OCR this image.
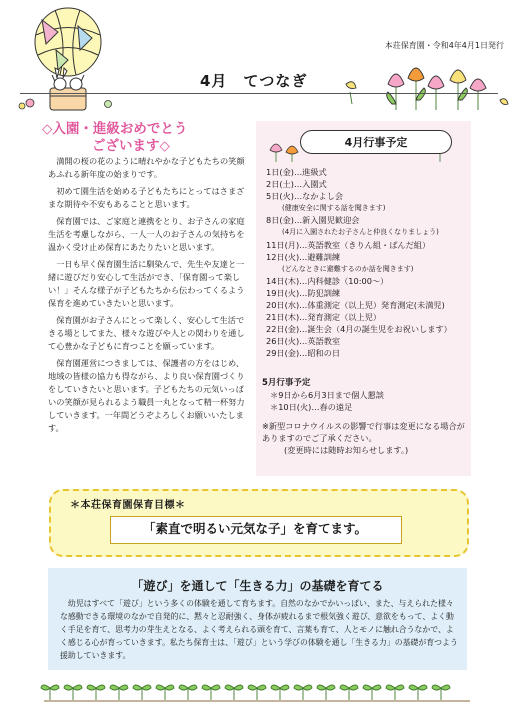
本荘保育園・令和4年4月1日発行
4月　てつなぎ
◇入園・進級おめでとう
ございます◇

満開の桜の花のように晴れやかな子どもたちの笑顔あふれる新年度の始まりです。

初めて園生活を始める子どもたちにとってはさまざまな期待や不安もあることと思います。

保育園では、ご家庭と連携をとり、お子さんの家庭生活を考慮しながら、一人一人のお子さんの気持ちを温かく受け止め保育にあたりたいと思います。

一日も早く保育園生活に馴染んで、先生や友達と一緒に遊びだり安心して生活ができ、「保育園って楽しい！」そんな様子が子どもたちから伝わってくるよう保育を進めていきたいと思います。

保育園がお子さんにとって楽しく、安心して生活できる場としてまた、様々な遊びや人との関わりを通して心豊かな子どもに育つことを願っています。

保育園運営につきましては、保護者の方をはじめ、地域の皆様の協力も得ながら、より良い保育園づくりをしていきたいと思います。子どもたちの元気いっぱいの笑顔が見られるよう職員一丸となって精一杯努力していきます。一年間どうぞよろしくお願いいたします。

4月行事予定
1日(金)…進級式
2日(土)…入園式
5日(火)…なかよし会
(健康安全に関する話を聞きます)
8日(金)…新入園児歓迎会
(4月に入園されたお子さんと仲良くなりましょう)
11日(月)…英語教室（きりん組・ぱんだ組）
12日(火)…避難訓練
(どんなときに避難するのか話を聞きます)
14日(木)…内科健診（10:00～）
19日(火)…防犯訓練
20日(水)…体重測定（以上児）発育測定(未満児)
21日(木)…発育測定（以上児）
22日(金)…誕生会（4月の誕生児をお祝いします）
26日(火)…英語教室
29日(金)…昭和の日
5月行事予定
＊9日から6月3日まで個人懇談
＊10日(火)…春の遠足
※新型コロナウイルスの影響で行事は変更になる場合がありますのでご了承ください。
(変更時には随時お知らせします。)
＊本荘保育園保育目標＊
「素直で明るい元気な子」を育てます。
「遊び」を通して「生きる力」の基礎を育てる
幼児はすべて「遊び」という多くの体験を通して育ちます。自然のなかでかいっぱい、また、与えられた様々な感動できる環境のなかで自発的に、黙々と忍耐強く、身体が疲れるまで根気強く遊び、意欲をもって、よく動く手足を育て、思考力の芽生えとなる、よく考えられる頭を育て、言葉も育て、人とモノに触れ合うなかで、よく感じる心が育っていきます。私たち保育士は、「遊び」という学びの体験を通し「生きる力」の基礎が育つよう援助していきます。
